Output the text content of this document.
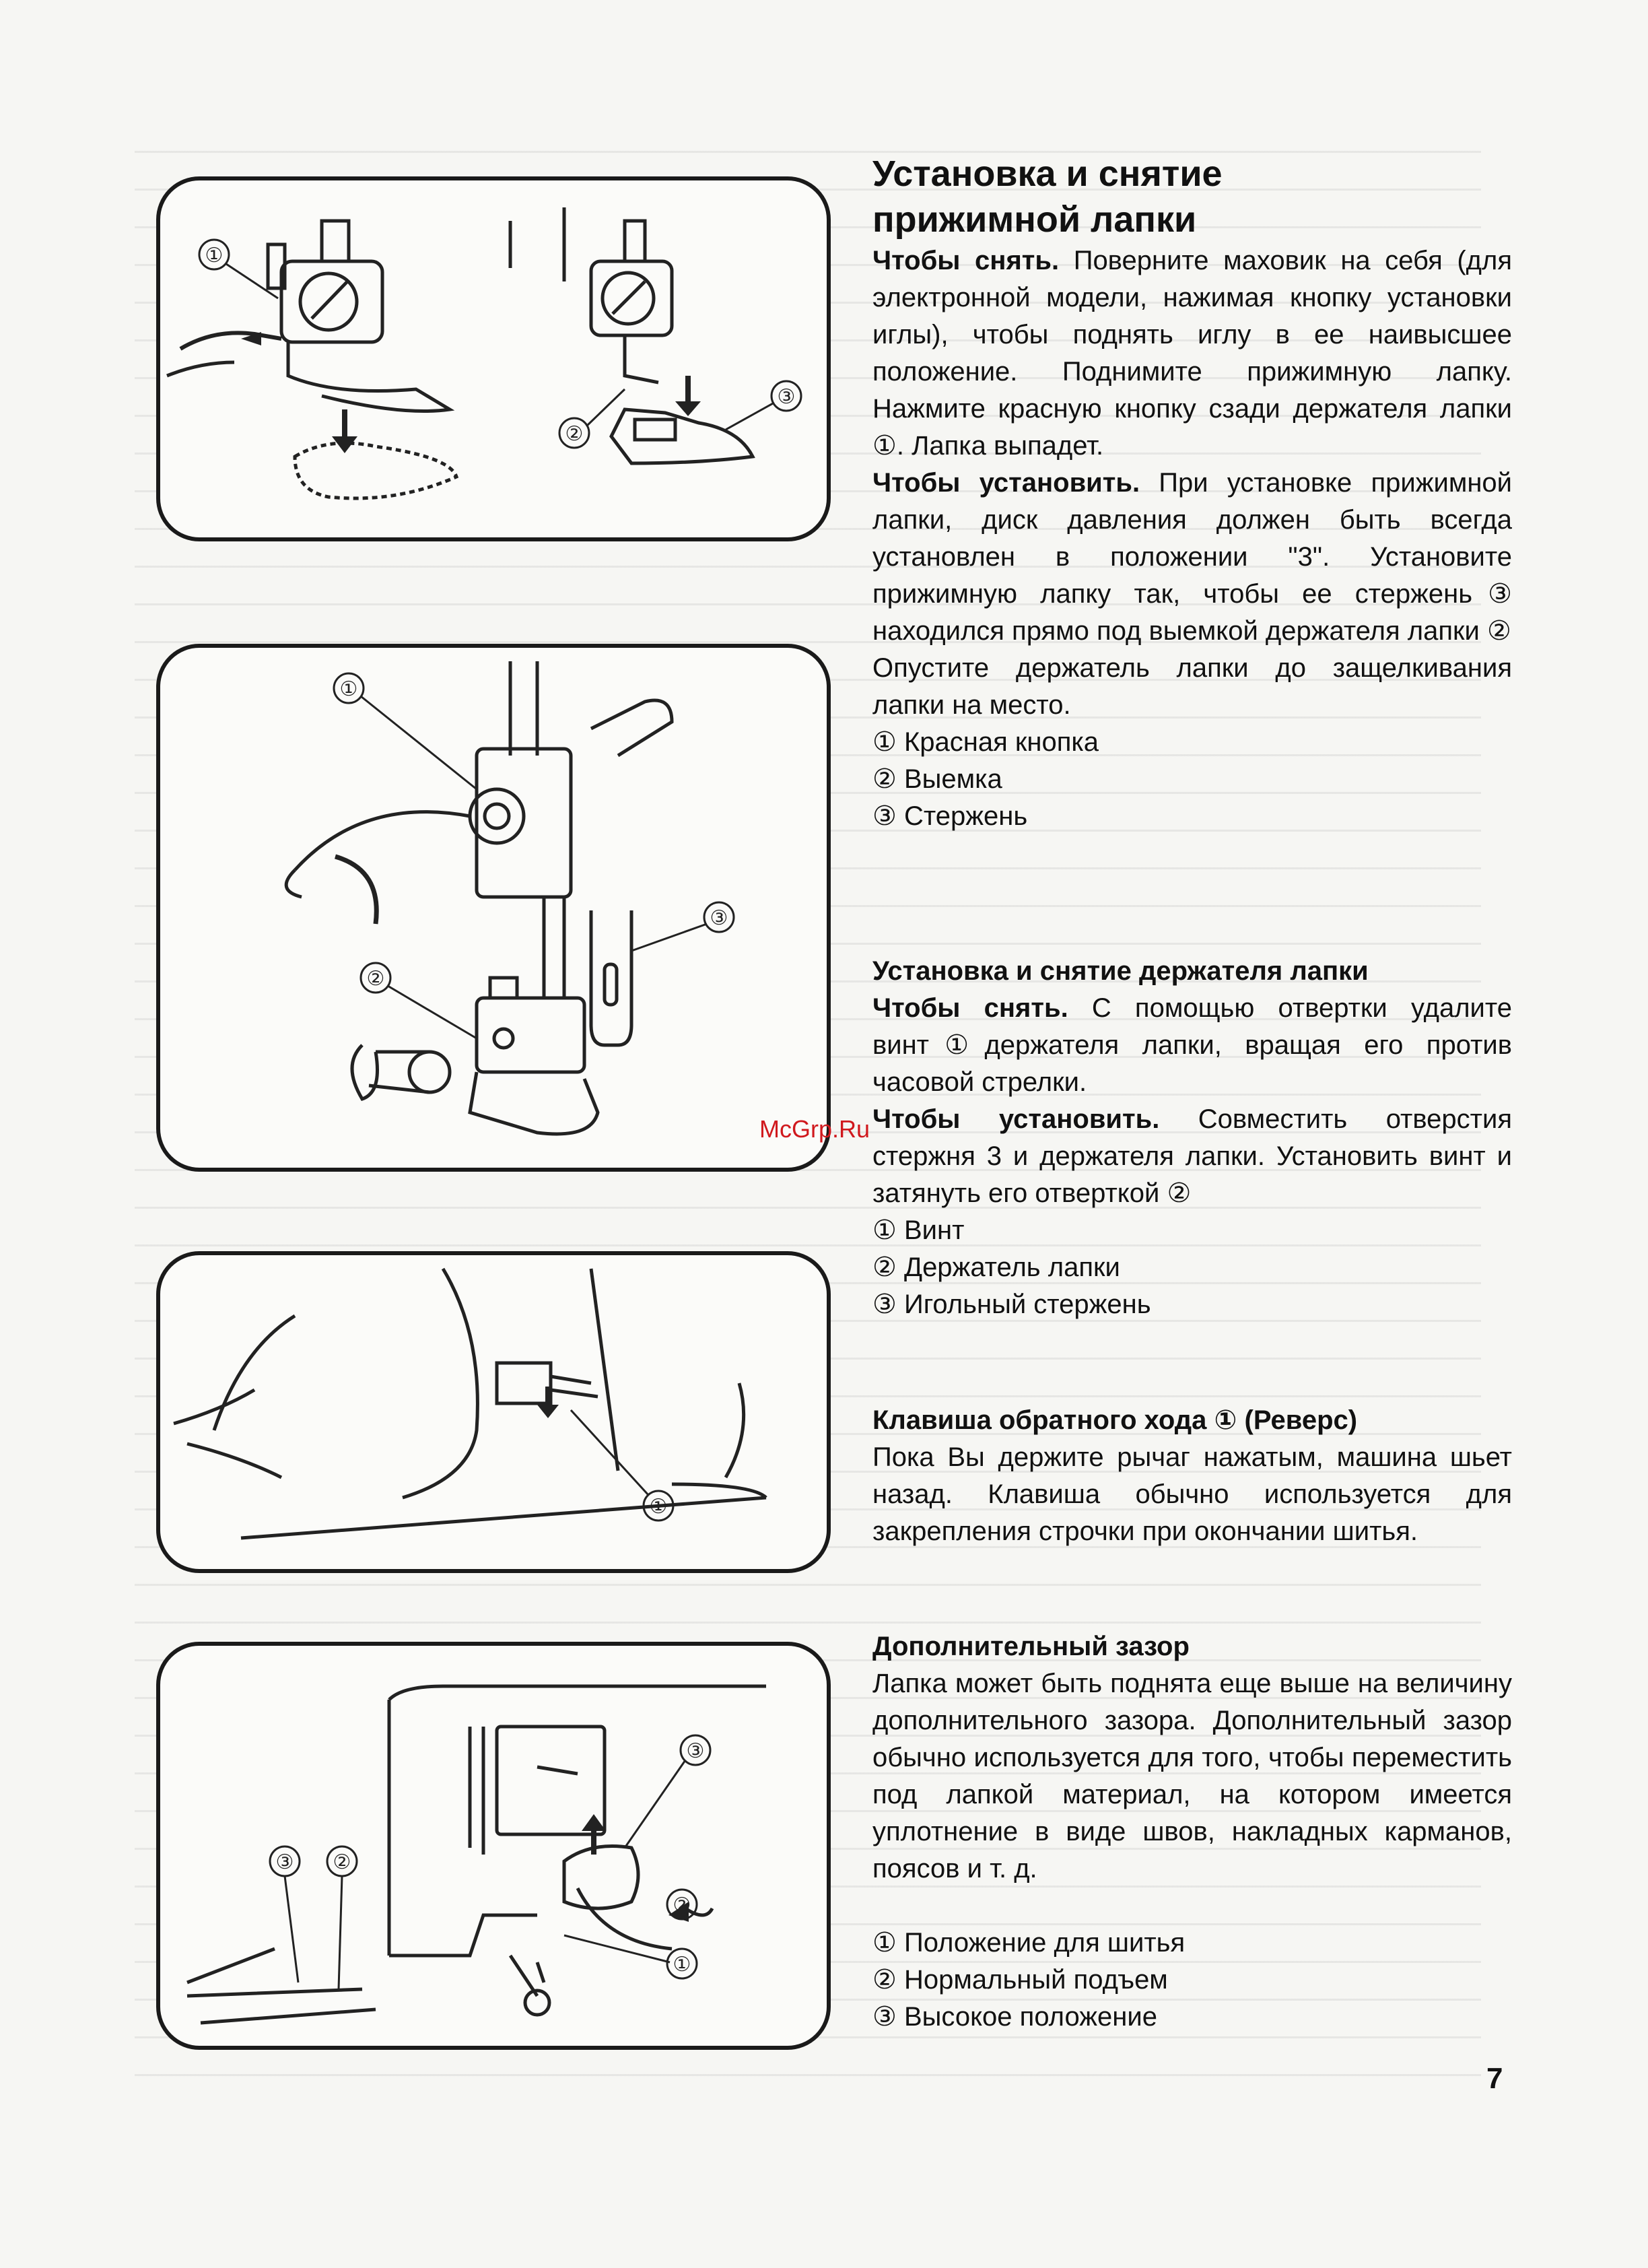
①
②
③
①
②
③
①
③
②
③ ②
①

Установка и снятие
прижимной лапки

Чтобы снять. Поверните маховик на себя (для электронной модели, нажимая кнопку установки иглы), чтобы поднять иглу в ее наивысшее положение. Поднимите прижимную лапку. Нажмите красную кнопку сзади держателя лапки ①. Лапка выпадет.

Чтобы установить. При установке прижимной лапки, диск давления должен быть всегда установлен в положении "3". Установите прижимную лапку так, чтобы ее стержень③ находился прямо под выемкой держателя лапки ②

Опустите держатель лапки до защелкивания лапки на место.

① Красная кнопка

② Выемка

③ Стержень

Установка и снятие держателя лапки

Чтобы снять. С помощью отвертки удалите винт①держателя лапки, вращая его против часовой стрелки.

Чтобы установить. Совместить отверстия стержня 3 и держателя лапки. Установить винт и затянуть его отверткой ②

① Винт

② Держатель лапки

③ Игольный стержень

Клавиша обратного хода ① (Реверс)

Пока Вы держите рычаг нажатым, машина шьет назад. Клавиша обычно используется для закрепления строчки при окончании шитья.

Дополнительный зазор

Лапка может быть поднята еще выше на величину дополнительного зазора. Дополнительный зазор обычно используется для того, чтобы переместить под лапкой материал, на котором имеется уплотнение в виде швов, накладных карманов, поясов и т. д.

① Положение для шитья

② Нормальный подъем

③ Высокое положение

McGrp.Ru
7
